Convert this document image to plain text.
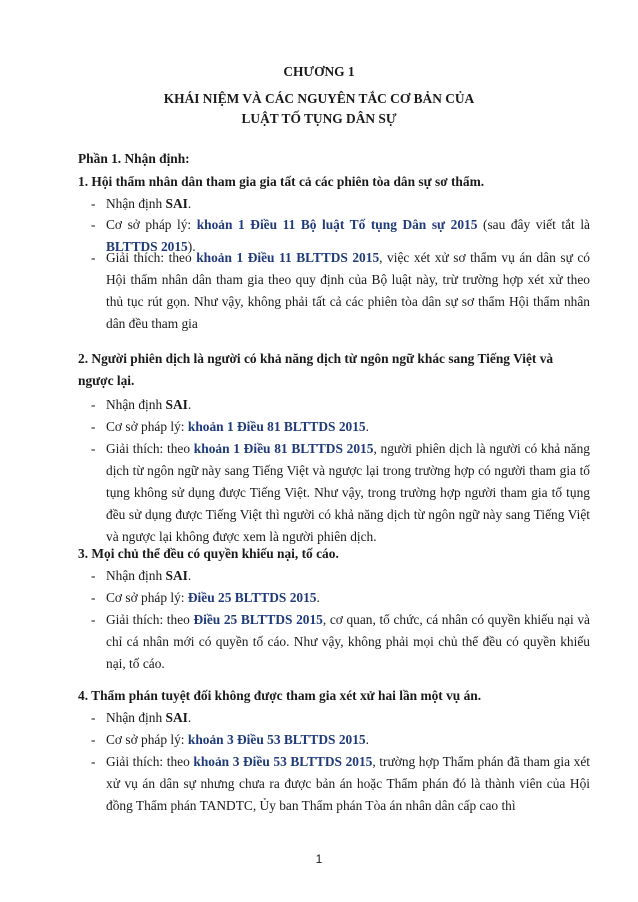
CHƯƠNG 1
KHÁI NIỆM VÀ CÁC NGUYÊN TẮC CƠ BẢN CỦA
LUẬT TỐ TỤNG DÂN SỰ
Phần 1. Nhận định:
1. Hội thẩm nhân dân tham gia gia tất cả các phiên tòa dân sự sơ thẩm.
- Nhận định SAI.
- Cơ sở pháp lý: khoản 1 Điều 11 Bộ luật Tố tụng Dân sự 2015 (sau đây viết tắt là BLTTDS 2015).
- Giải thích: theo khoản 1 Điều 11 BLTTDS 2015, việc xét xử sơ thẩm vụ án dân sự có Hội thẩm nhân dân tham gia theo quy định của Bộ luật này, trừ trường hợp xét xử theo thủ tục rút gọn. Như vậy, không phải tất cả các phiên tòa dân sự sơ thẩm Hội thẩm nhân dân đều tham gia
2. Người phiên dịch là người có khả năng dịch từ ngôn ngữ khác sang Tiếng Việt và ngược lại.
- Nhận định SAI.
- Cơ sở pháp lý: khoản 1 Điều 81 BLTTDS 2015.
- Giải thích: theo khoản 1 Điều 81 BLTTDS 2015, người phiên dịch là người có khả năng dịch từ ngôn ngữ này sang Tiếng Việt và ngược lại trong trường hợp có người tham gia tố tụng không sử dụng được Tiếng Việt. Như vậy, trong trường hợp người tham gia tố tụng đều sử dụng được Tiếng Việt thì người có khả năng dịch từ ngôn ngữ này sang Tiếng Việt và ngược lại không được xem là người phiên dịch.
3. Mọi chủ thể đều có quyền khiếu nại, tố cáo.
- Nhận định SAI.
- Cơ sở pháp lý: Điều 25 BLTTDS 2015.
- Giải thích: theo Điều 25 BLTTDS 2015, cơ quan, tổ chức, cá nhân có quyền khiếu nại và chỉ cá nhân mới có quyền tố cáo. Như vậy, không phải mọi chủ thể đều có quyền khiếu nại, tố cáo.
4. Thẩm phán tuyệt đối không được tham gia xét xử hai lần một vụ án.
- Nhận định SAI.
- Cơ sở pháp lý: khoản 3 Điều 53 BLTTDS 2015.
- Giải thích: theo khoản 3 Điều 53 BLTTDS 2015, trường hợp Thẩm phán đã tham gia xét xử vụ án dân sự nhưng chưa ra được bản án hoặc Thẩm phán đó là thành viên của Hội đồng Thẩm phán TANDTC, Ủy ban Thẩm phán Tòa án nhân dân cấp cao thì
1
